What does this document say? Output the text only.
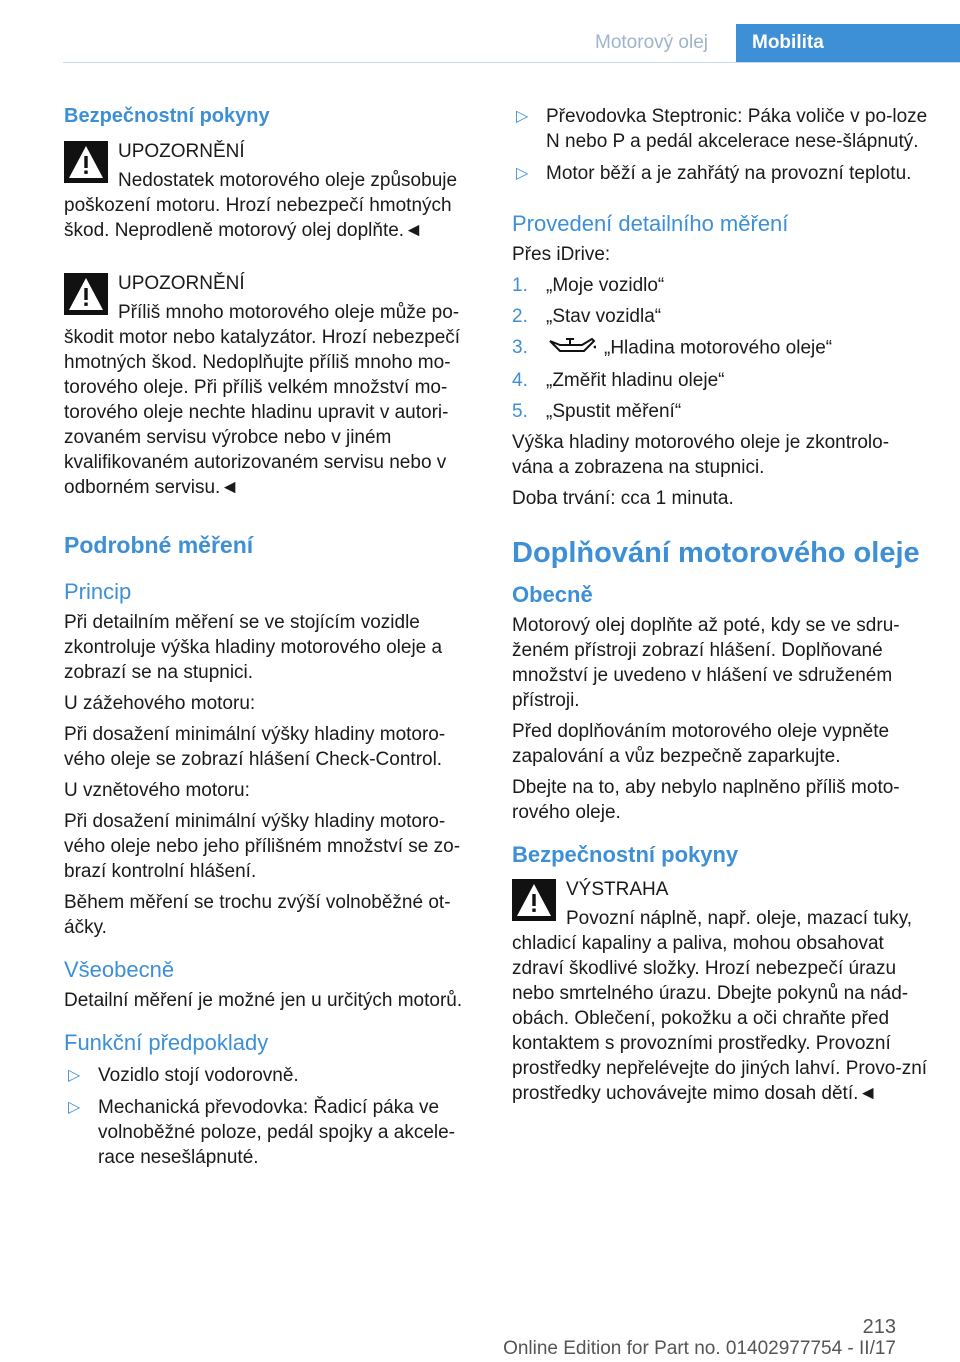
Motorový olej	Mobilita
Bezpečnostní pokyny
UPOZORNĚNÍ
Nedostatek motorového oleje způsobuje poškození motoru. Hrozí nebezpečí hmotných škod. Neprodleně motorový olej doplňte.◄
UPOZORNĚNÍ
Příliš mnoho motorového oleje může po-škodit motor nebo katalyzátor. Hrozí nebezpečí hmotných škod. Nedoplňujte příliš mnoho mo-torového oleje. Při příliš velkém množství mo-torového oleje nechte hladinu upravit v autori-zovaném servisu výrobce nebo v jiném kvalifikovaném autorizovaném servisu nebo v odborném servisu.◄
Podrobné měření
Princip
Při detailním měření se ve stojícím vozidle zkontroluje výška hladiny motorového oleje a zobrazí se na stupnici.
U zážehového motoru:
Při dosažení minimální výšky hladiny motoro-vého oleje se zobrazí hlášení Check-Control.
U vznětového motoru:
Při dosažení minimální výšky hladiny motoro-vého oleje nebo jeho přílišném množství se zo-brazí kontrolní hlášení.
Během měření se trochu zvýší volnoběžné ot-áčky.
Všeobecně
Detailní měření je možné jen u určitých motorů.
Funkční předpoklady
▷ Vozidlo stojí vodorovně.
▷ Mechanická převodovka: Řadicí páka ve volnoběžné poloze, pedál spojky a akcele-race nesešlápnuté.
▷ Převodovka Steptronic: Páka voliče v po-loze N nebo P a pedál akcelerace nese-šlápnutý.
▷ Motor běží a je zahřátý na provozní teplotu.
Provedení detailního měření
Přes iDrive:
1. „Moje vozidlo“
2. „Stav vozidla“
3.	„Hladina motorového oleje“
4. „Změřit hladinu oleje“
5. „Spustit měření“
Výška hladiny motorového oleje je zkontrolo-vána a zobrazena na stupnici.
Doba trvání: cca 1 minuta.
Doplňování motorového oleje
Obecně
Motorový olej doplňte až poté, kdy se ve sdru-ženém přístroji zobrazí hlášení. Doplňované množství je uvedeno v hlášení ve sdruženém přístroji.
Před doplňováním motorového oleje vypněte zapalování a vůz bezpečně zaparkujte.
Dbejte na to, aby nebylo naplněno příliš moto-rového oleje.
Bezpečnostní pokyny
VÝSTRAHA
Povozní náplně, např. oleje, mazací tuky, chladicí kapaliny a paliva, mohou obsahovat zdraví škodlivé složky. Hrozí nebezpečí úrazu nebo smrtelného úrazu. Dbejte pokynů na nád-obách. Oblečení, pokožku a oči chraňte před kontaktem s provozními prostředky. Provozní prostředky nepřelévejte do jiných lahví. Provo-zní prostředky uchovávejte mimo dosah dětí.◄
213
Online Edition for Part no. 01402977754 - II/17
